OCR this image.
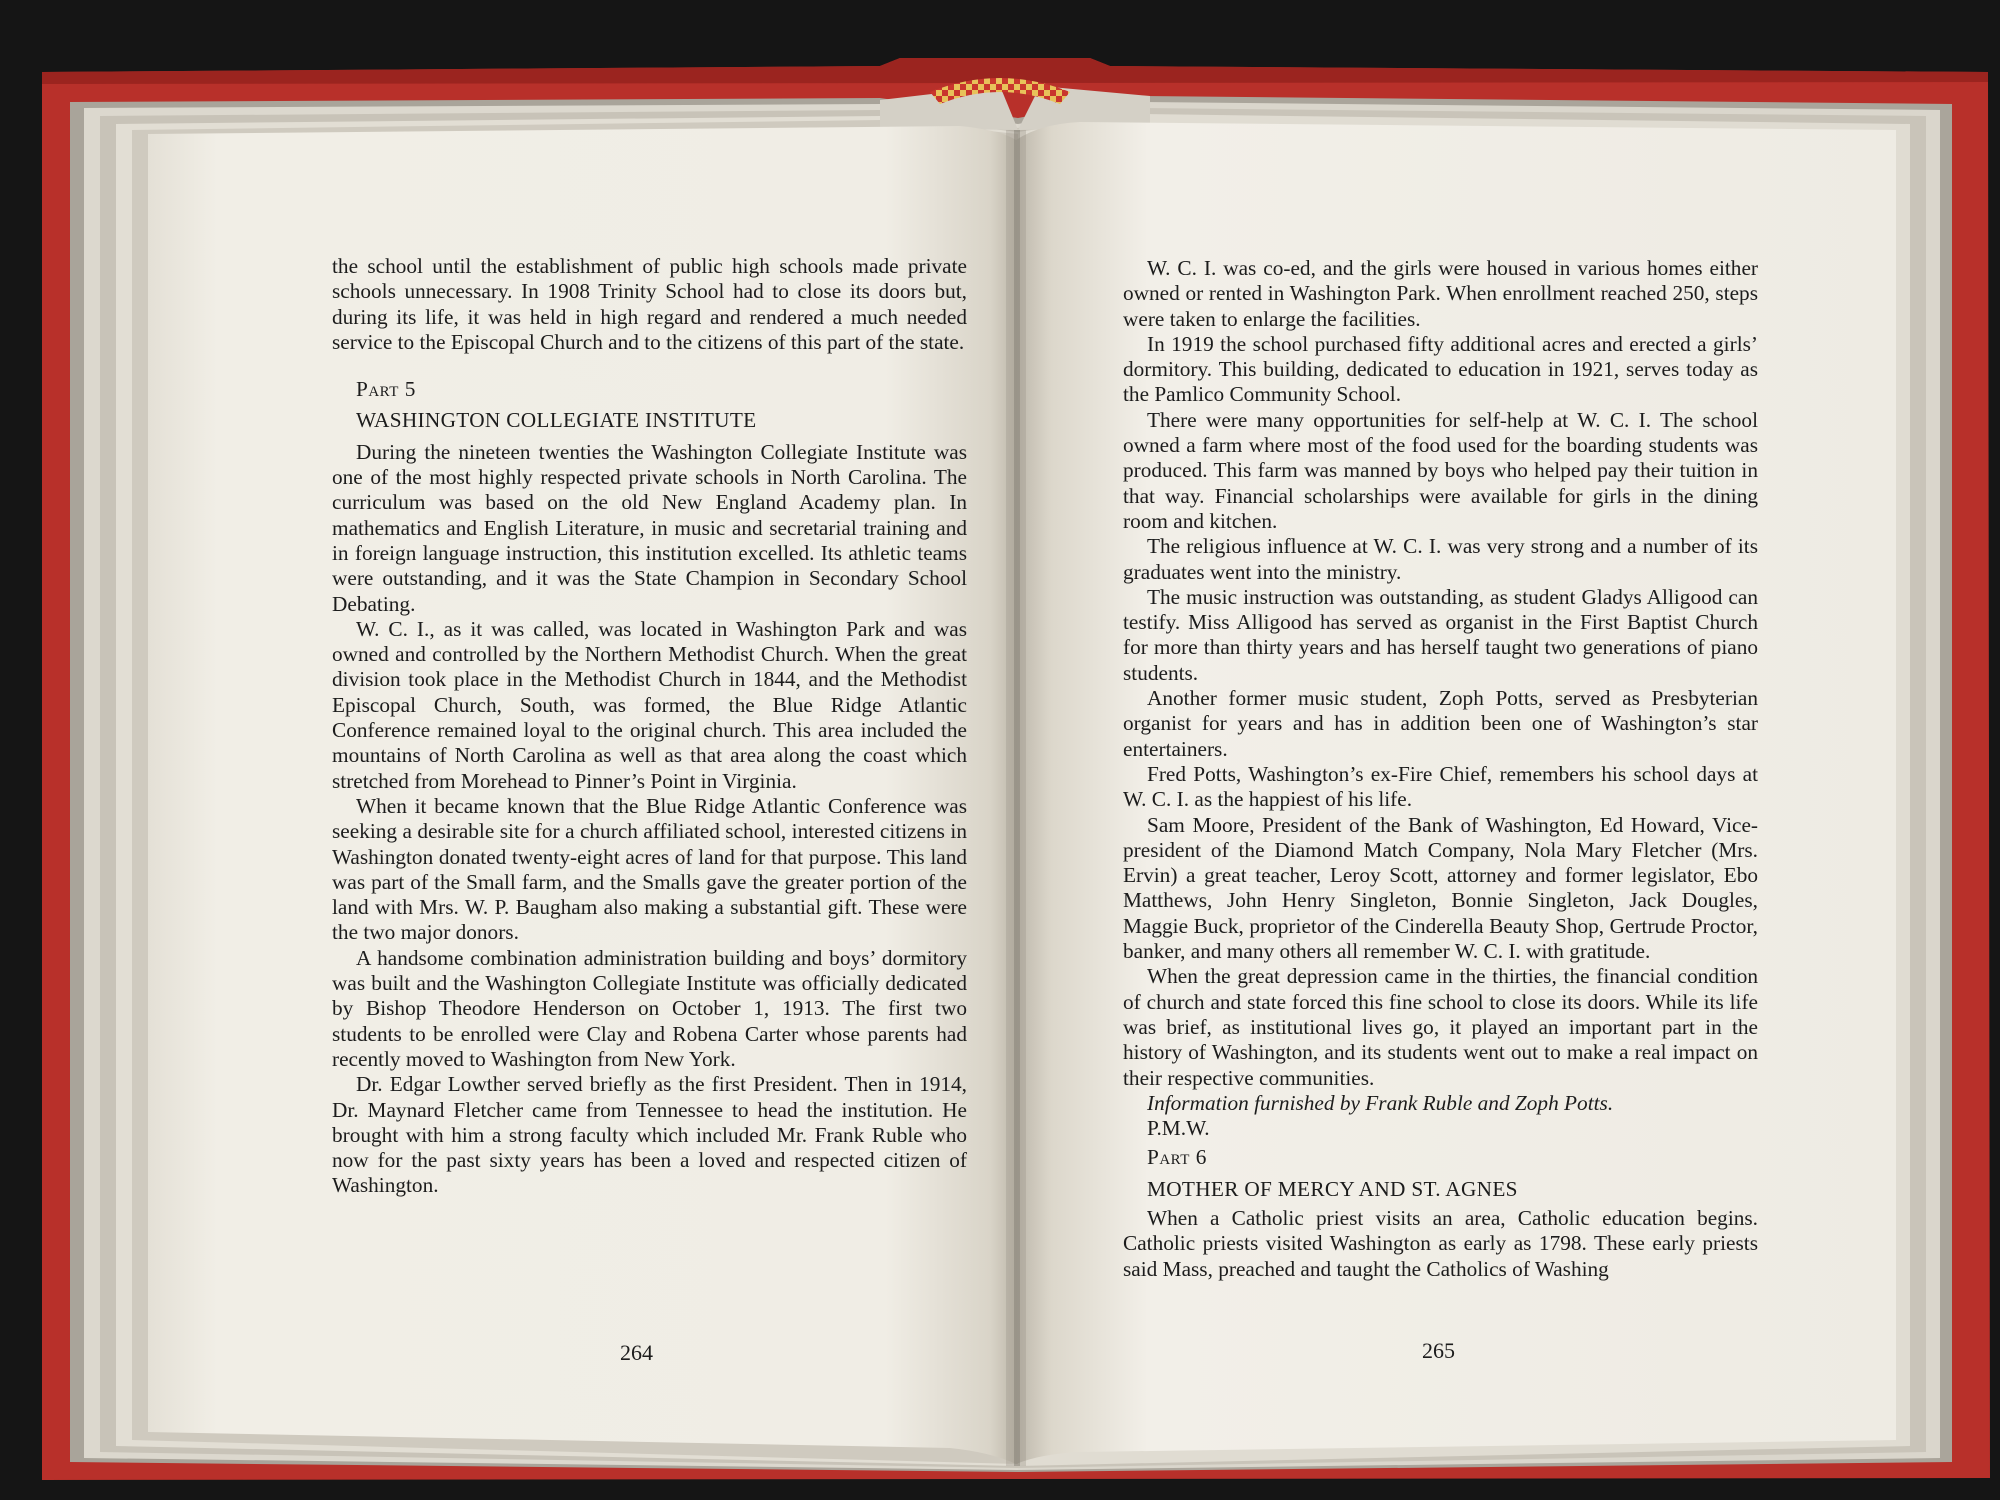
the school until the establishment of public high schools made private schools unnecessary. In 1908 Trinity School had to close its doors but, during its life, it was held in high regard and rendered a much needed service to the Episcopal Church and to the citizens of this part of the state.

Part 5

WASHINGTON COLLEGIATE INSTITUTE

During the nineteen twenties the Washington Collegiate Institute was one of the most highly respected private schools in North Carolina. The curriculum was based on the old New England Academy plan. In mathematics and English Literature, in music and secretarial training and in foreign language instruction, this institution excelled. Its athletic teams were outstanding, and it was the State Champion in Secondary School Debating.

W. C. I., as it was called, was located in Washington Park and was owned and controlled by the Northern Methodist Church. When the great division took place in the Methodist Church in 1844, and the Methodist Episcopal Church, South, was formed, the Blue Ridge Atlantic Conference remained loyal to the original church. This area included the mountains of North Carolina as well as that area along the coast which stretched from Morehead to Pinner’s Point in Virginia.

When it became known that the Blue Ridge Atlantic Conference was seeking a desirable site for a church affiliated school, interested citizens in Washington donated twenty-eight acres of land for that purpose. This land was part of the Small farm, and the Smalls gave the greater portion of the land with Mrs. W. P. Baugham also making a substantial gift. These were the two major donors.

A handsome combination administration building and boys’ dormitory was built and the Washington Collegiate Institute was officially dedicated by Bishop Theodore Henderson on October 1, 1913. The first two students to be enrolled were Clay and Robena Carter whose parents had recently moved to Washington from New York.

Dr. Edgar Lowther served briefly as the first President. Then in 1914, Dr. Maynard Fletcher came from Tennessee to head the institution. He brought with him a strong faculty which included Mr. Frank Ruble who now for the past sixty years has been a loved and respected citizen of Washington.

264

W. C. I. was co-ed, and the girls were housed in various homes either owned or rented in Washington Park. When enrollment reached 250, steps were taken to enlarge the facilities.

In 1919 the school purchased fifty additional acres and erected a girls’ dormitory. This building, dedicated to education in 1921, serves today as the Pamlico Community School.

There were many opportunities for self-help at W. C. I. The school owned a farm where most of the food used for the boarding students was produced. This farm was manned by boys who helped pay their tuition in that way. Financial scholarships were available for girls in the dining room and kitchen.

The religious influence at W. C. I. was very strong and a number of its graduates went into the ministry.

The music instruction was outstanding, as student Gladys Alligood can testify. Miss Alligood has served as organist in the First Baptist Church for more than thirty years and has herself taught two generations of piano students.

Another former music student, Zoph Potts, served as Presbyterian organist for years and has in addition been one of Washington’s star entertainers.

Fred Potts, Washington’s ex-Fire Chief, remembers his school days at W. C. I. as the happiest of his life.

Sam Moore, President of the Bank of Washington, Ed Howard, Vice-president of the Diamond Match Company, Nola Mary Fletcher (Mrs. Ervin) a great teacher, Leroy Scott, attorney and former legislator, Ebo Matthews, John Henry Singleton, Bonnie Singleton, Jack Dougles, Maggie Buck, proprietor of the Cinderella Beauty Shop, Gertrude Proctor, banker, and many others all remember W. C. I. with gratitude.

When the great depression came in the thirties, the financial condition of church and state forced this fine school to close its doors. While its life was brief, as institutional lives go, it played an important part in the history of Washington, and its students went out to make a real impact on their respective communities.

Information furnished by Frank Ruble and Zoph Potts.

P.M.W.

Part 6

MOTHER OF MERCY AND ST. AGNES

When a Catholic priest visits an area, Catholic education begins. Catholic priests visited Washington as early as 1798. These early priests said Mass, preached and taught the Catholics of Washing

265
